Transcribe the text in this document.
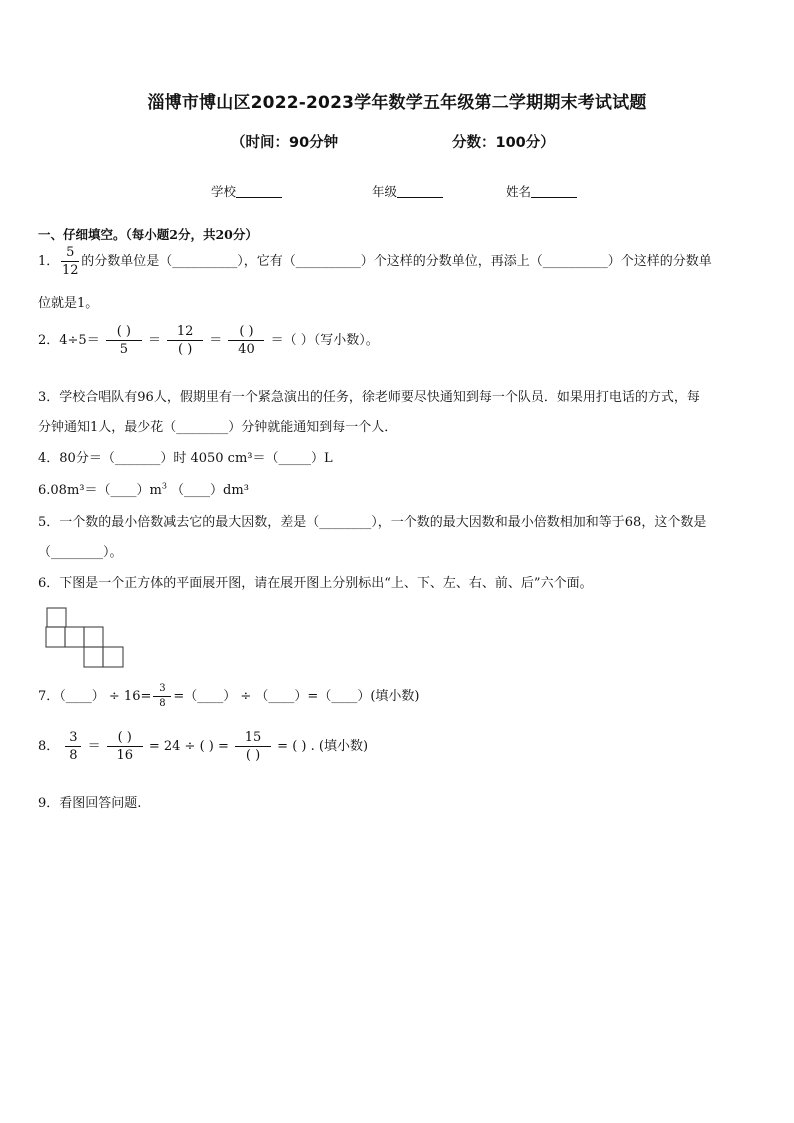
淄博市博山区2022-2023学年数学五年级第二学期期末考试试题
（时间：90分钟	分数：100分）
学校	年级	姓名
一、仔细填空。（每小题2分，共20分）
1． $\frac{5}{12}$ 的分数单位是（__________），它有（__________）个这样的分数单位，再添上（__________）个这样的分数单
位就是1。
2．$4\div 5= \frac{( )}{5} = \frac{12}{( )} = \frac{( )}{40}$ ＝（ ）（写小数）。
3．学校合唱队有96人，假期里有一个紧急演出的任务，徐老师要尽快通知到每一个队员．如果用打电话的方式，每
分钟通知1人，最少花（________）分钟就能通知到每一个人．
4．80分＝（_______）时 4050 cm³＝（_____）L
$6.08m^3=(\_\_\_\_)m^3$ （____）dm³
5．一个数的最小倍数减去它的最大因数，差是（________），一个数的最大因数和最小倍数相加和等于68，这个数是
（________）。
6．下图是一个正方体的平面展开图，请在展开图上分别标出“上、下、左、右、前、后”六个面。
7．（____） ÷ $16= \frac{3}{8}$ =（____） ÷ （____）=（____）(填小数)
8． $\frac{3}{8} = \frac{( )}{16} = 24$ ÷ ( ) = $\frac{15}{( )}$ = ( ) . (填小数)
9．看图回答问题.
